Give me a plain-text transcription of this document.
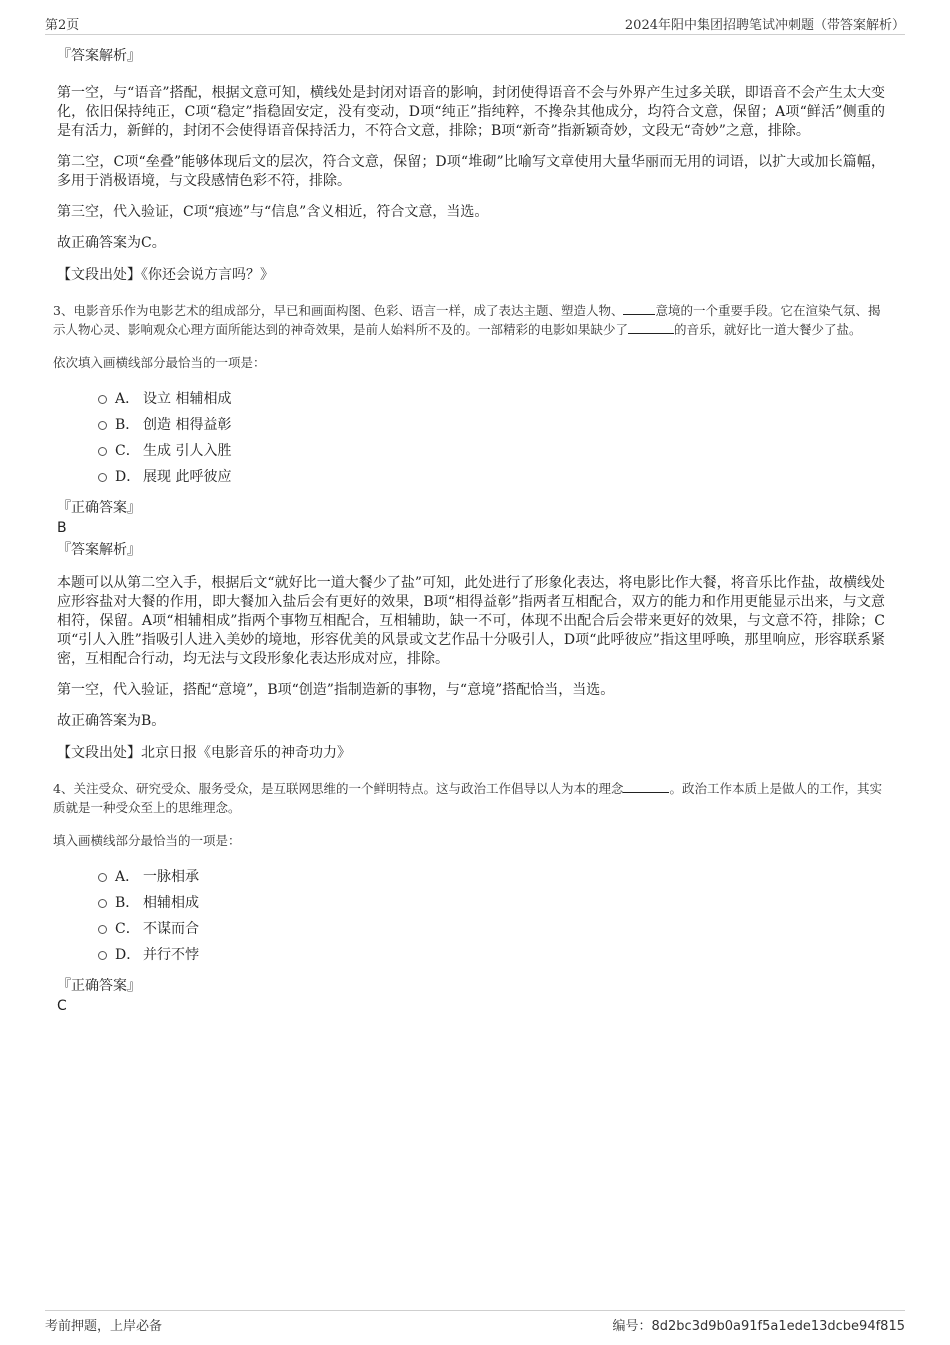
第2页	2024年阳中集团招聘笔试冲刺题（带答案解析）
『答案解析』

第一空，与“语音”搭配，根据文意可知，横线处是封闭对语音的影响，封闭使得语音不会与外界产生过多关联，即语音不会产生太大变化，依旧保持纯正，C项“稳定”指稳固安定，没有变动，D项“纯正”指纯粹，不搀杂其他成分，均符合文意，保留；A项“鲜活”侧重的是有活力，新鲜的，封闭不会使得语音保持活力，不符合文意，排除；B项“新奇”指新颖奇妙，文段无“奇妙”之意，排除。

第二空，C项“垒叠”能够体现后文的层次，符合文意，保留；D项“堆砌”比喻写文章使用大量华丽而无用的词语，以扩大或加长篇幅，多用于消极语境，与文段感情色彩不符，排除。

第三空，代入验证，C项“痕迹”与“信息”含义相近，符合文意，当选。

故正确答案为C。

【文段出处】《你还会说方言吗？》
3、电影音乐作为电影艺术的组成部分，早已和画面构图、色彩、语言一样，成了表达主题、塑造人物、	意境的一个重要手段。它在渲染气氛、揭示人物心灵、影响观众心理方面所能达到的神奇效果，是前人始料所不及的。一部精彩的电影如果缺少了	的音乐，就好比一道大餐少了盐。
依次填入画横线部分最恰当的一项是：
A． 设立 相辅相成
B． 创造 相得益彰
C． 生成 引人入胜
D． 展现 此呼彼应
『正确答案』
B
『答案解析』

本题可以从第二空入手，根据后文“就好比一道大餐少了盐”可知，此处进行了形象化表达，将电影比作大餐，将音乐比作盐，故横线处应形容盐对大餐的作用，即大餐加入盐后会有更好的效果，B项“相得益彰”指两者互相配合，双方的能力和作用更能显示出来，与文意相符，保留。A项“相辅相成”指两个事物互相配合，互相辅助，缺一不可，体现不出配合后会带来更好的效果，与文意不符，排除；C项“引人入胜”指吸引人进入美妙的境地，形容优美的风景或文艺作品十分吸引人，D项“此呼彼应”指这里呼唤，那里响应，形容联系紧密，互相配合行动，均无法与文段形象化表达形成对应，排除。

第一空，代入验证，搭配“意境”，B项“创造”指制造新的事物，与“意境”搭配恰当，当选。

故正确答案为B。

【文段出处】北京日报《电影音乐的神奇功力》
4、关注受众、研究受众、服务受众，是互联网思维的一个鲜明特点。这与政治工作倡导以人为本的理念	。政治工作本质上是做人的工作，其实质就是一种受众至上的思维理念。
填入画横线部分最恰当的一项是：
A． 一脉相承
B． 相辅相成
C． 不谋而合
D． 并行不悖
『正确答案』
C
考前押题，上岸必备	编号：8d2bc3d9b0a91f5a1ede13dcbe94f815
